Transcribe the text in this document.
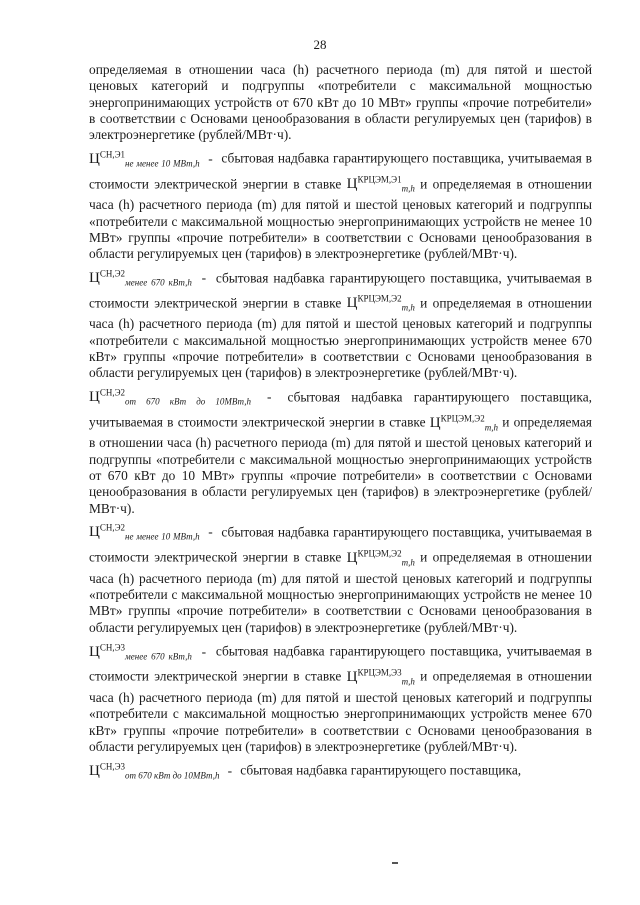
28

определяемая в отношении часа (h) расчетного периода (m) для пятой и шестой ценовых категорий и подгруппы «потребители с максимальной мощностью энергопринимающих устройств от 670 кВт до 10 МВт» группы «прочие потребители» в соответствии с Основами ценообразования в области регулируемых цен (тарифов) в электроэнергетике (рублей/МВт·ч).

$Ц^{СН,Э1}_{не менее 10 МВт,h}$ - сбытовая надбавка гарантирующего поставщика, учитываемая в стоимости электрической энергии в ставке $Ц^{КРЦЭМ,Э1}_{m,h}$ и определяемая в отношении часа (h) расчетного периода (m) для пятой и шестой ценовых категорий и подгруппы «потребители с максимальной мощностью энергопринимающих устройств не менее 10 МВт» группы «прочие потребители» в соответствии с Основами ценообразования в области регулируемых цен (тарифов) в электроэнергетике (рублей/МВт·ч).

$Ц^{СН,Э2}_{менее 670 кВт,h}$ - сбытовая надбавка гарантирующего поставщика, учитываемая в стоимости электрической энергии в ставке $Ц^{КРЦЭМ,Э2}_{m,h}$ и определяемая в отношении часа (h) расчетного периода (m) для пятой и шестой ценовых категорий и подгруппы «потребители с максимальной мощностью энергопринимающих устройств менее 670 кВт» группы «прочие потребители» в соответствии с Основами ценообразования в области регулируемых цен (тарифов) в электроэнергетике (рублей/МВт·ч).

$Ц^{СН,Э2}_{от 670 кВт до 10МВт,h}$ - сбытовая надбавка гарантирующего поставщика, учитываемая в стоимости электрической энергии в ставке $Ц^{КРЦЭМ,Э2}_{m,h}$ и определяемая в отношении часа (h) расчетного периода (m) для пятой и шестой ценовых категорий и подгруппы «потребители с максимальной мощностью энергопринимающих устройств от 670 кВт до 10 МВт» группы «прочие потребители» в соответствии с Основами ценообразования в области регулируемых цен (тарифов) в электроэнергетике (рублей/МВт·ч).

$Ц^{СН,Э2}_{не менее 10 МВт,h}$ - сбытовая надбавка гарантирующего поставщика, учитываемая в стоимости электрической энергии в ставке $Ц^{КРЦЭМ,Э2}_{m,h}$ и определяемая в отношении часа (h) расчетного периода (m) для пятой и шестой ценовых категорий и подгруппы «потребители с максимальной мощностью энергопринимающих устройств не менее 10 МВт» группы «прочие потребители» в соответствии с Основами ценообразования в области регулируемых цен (тарифов) в электроэнергетике (рублей/МВт·ч).

$Ц^{СН,Э3}_{менее 670 кВт,h}$ - сбытовая надбавка гарантирующего поставщика, учитываемая в стоимости электрической энергии в ставке $Ц^{КРЦЭМ,Э3}_{m,h}$ и определяемая в отношении часа (h) расчетного периода (m) для пятой и шестой ценовых категорий и подгруппы «потребители с максимальной мощностью энергопринимающих устройств менее 670 кВт» группы «прочие потребители» в соответствии с Основами ценообразования в области регулируемых цен (тарифов) в электроэнергетике (рублей/МВт·ч).

$Ц^{СН,Э3}_{от 670 кВт до 10МВт,h}$ - сбытовая надбавка гарантирующего поставщика,
